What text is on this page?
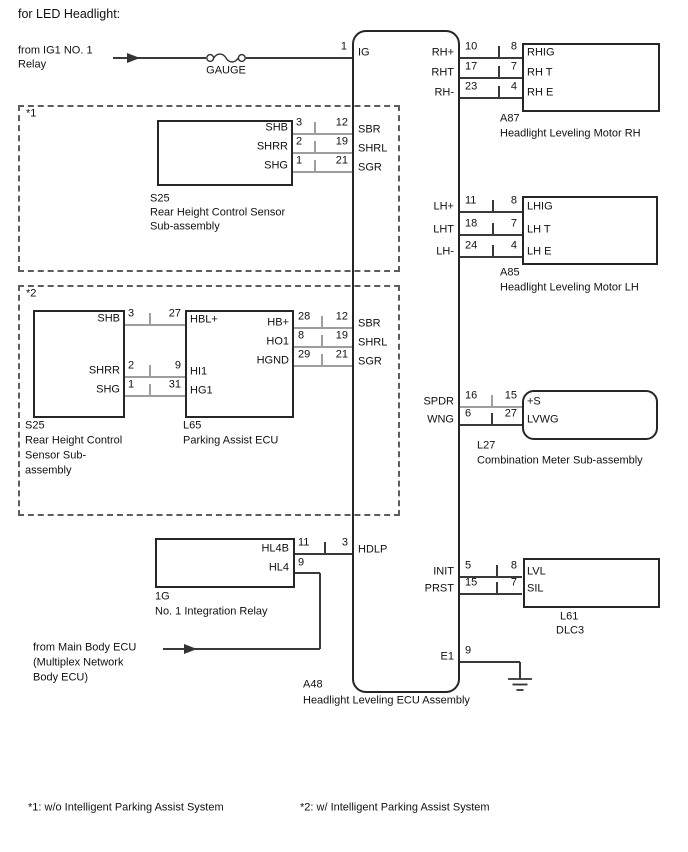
for LED Headlight:
*1: w/o Intelligent Parking Assist System	*2: w/ Intelligent Parking Assist System
from IG1 NO. 1
Relay	GAUGE
1 IG	RH+ 10	8 RHIG
RHT 17	7 RH T
RH- 23	4 RH E
A87
Headlight Leveling Motor RH
*1
SHB 3	12
SBR
SHRR 2	19
SHRL
SHG 1	21
SGR
S25
Rear Height Control Sensor
Sub-assembly
LH+ 11	8 LHIG
LHT 18	7 LH T
LH- 24	4 LH E
A85
Headlight Leveling Motor LH
*2
SHB 3	27 HBL+
SHRR 2	9 HI1
SHG 1	31 HG1
HB+ 28 12
SBR
HO1 8	19
SHRL
HGND 29 21
SGR
S25
Rear Height Control
Sensor Sub-
assembly
L65
Parking Assist ECU
SPDR 16	15 +S
WNG 6	27 LVWG
L27
Combination Meter Sub-assembly
HL4B 11	3
HDLP
HL4 9
1G
No. 1 Integration Relay
from Main Body ECU
(Multiplex Network
Body ECU)
INIT 5	8 LVL
PRST 15	7 SIL
L61
DLC3
E1 9
A48
Headlight Leveling ECU Assembly
